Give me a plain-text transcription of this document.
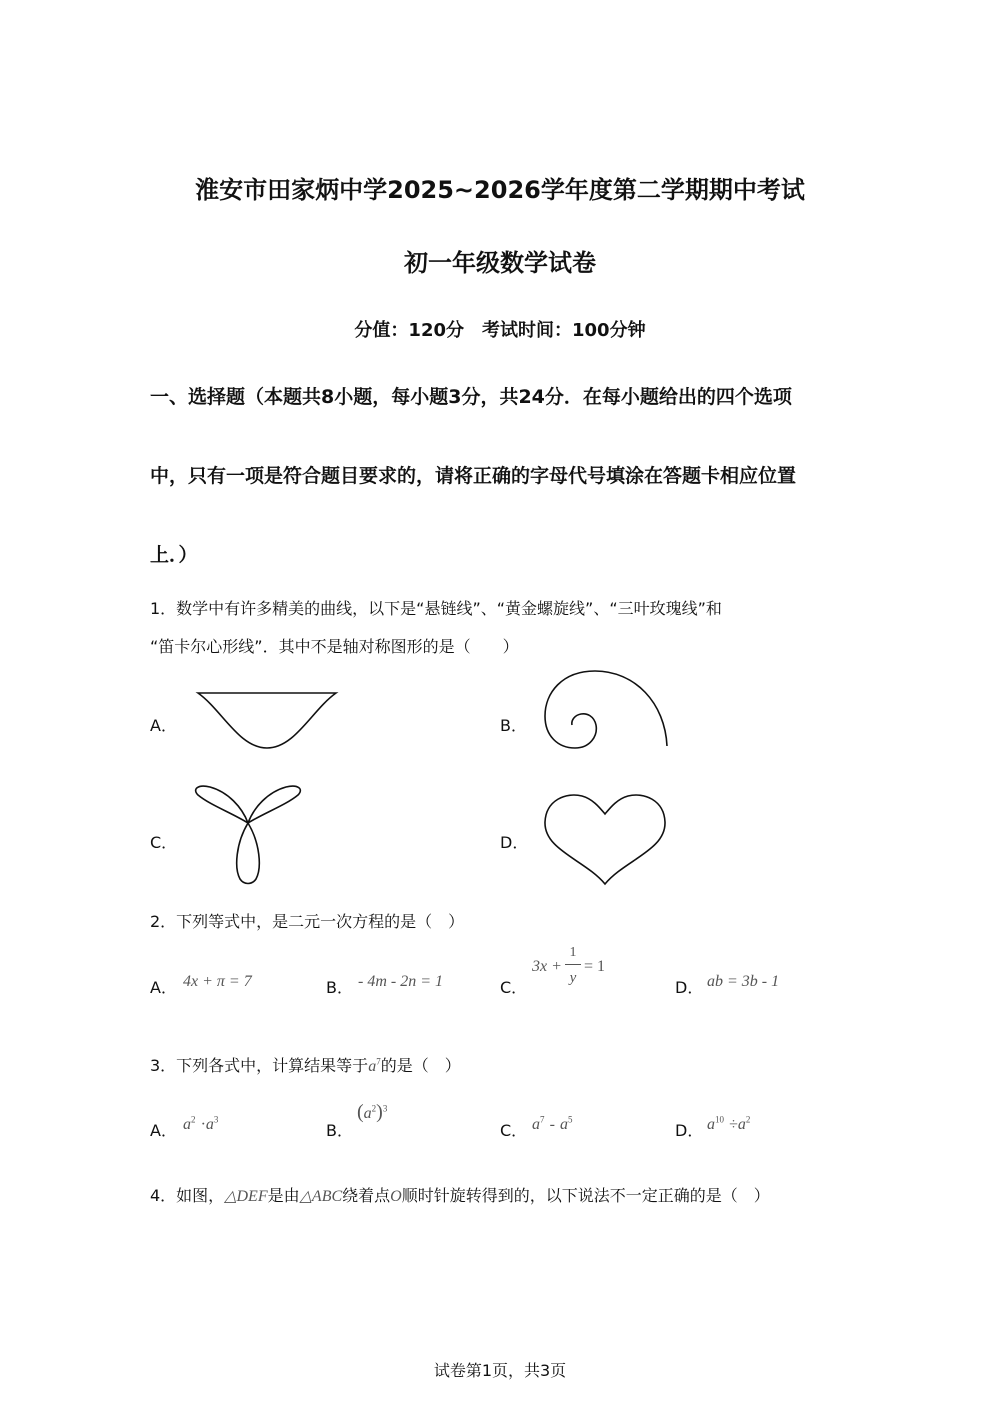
淮安市田家炳中学2025~2026学年度第二学期期中考试
初一年级数学试卷
分值：120分　考试时间：100分钟
一、选择题（本题共8小题，每小题3分，共24分．在每小题给出的四个选项
中，只有一项是符合题目要求的，请将正确的字母代号填涂在答题卡相应位置
上．）
1．数学中有许多精美的曲线，以下是“悬链线”、“黄金螺旋线”、“三叶玫瑰线”和
“笛卡尔心形线”．其中不是轴对称图形的是（　　）
A．	B．
C．	D．
2．下列等式中，是二元一次方程的是（　）
A． 4x + π = 7	B． - 4m - 2n = 1	C．
3x +
1
y
= 1
D． ab = 3b - 1
3．下列各式中，计算结果等于$a^7$的是（　）
A． $a^2 \cdot a^3$
B．
$(a^2)^3$
C． $a^7 - a^5$
D． $a^{10} \div a^2$
4．如图，△DEF是由△ABC绕着点O顺时针旋转得到的，以下说法不一定正确的是（　）
试卷第1页，共3页
